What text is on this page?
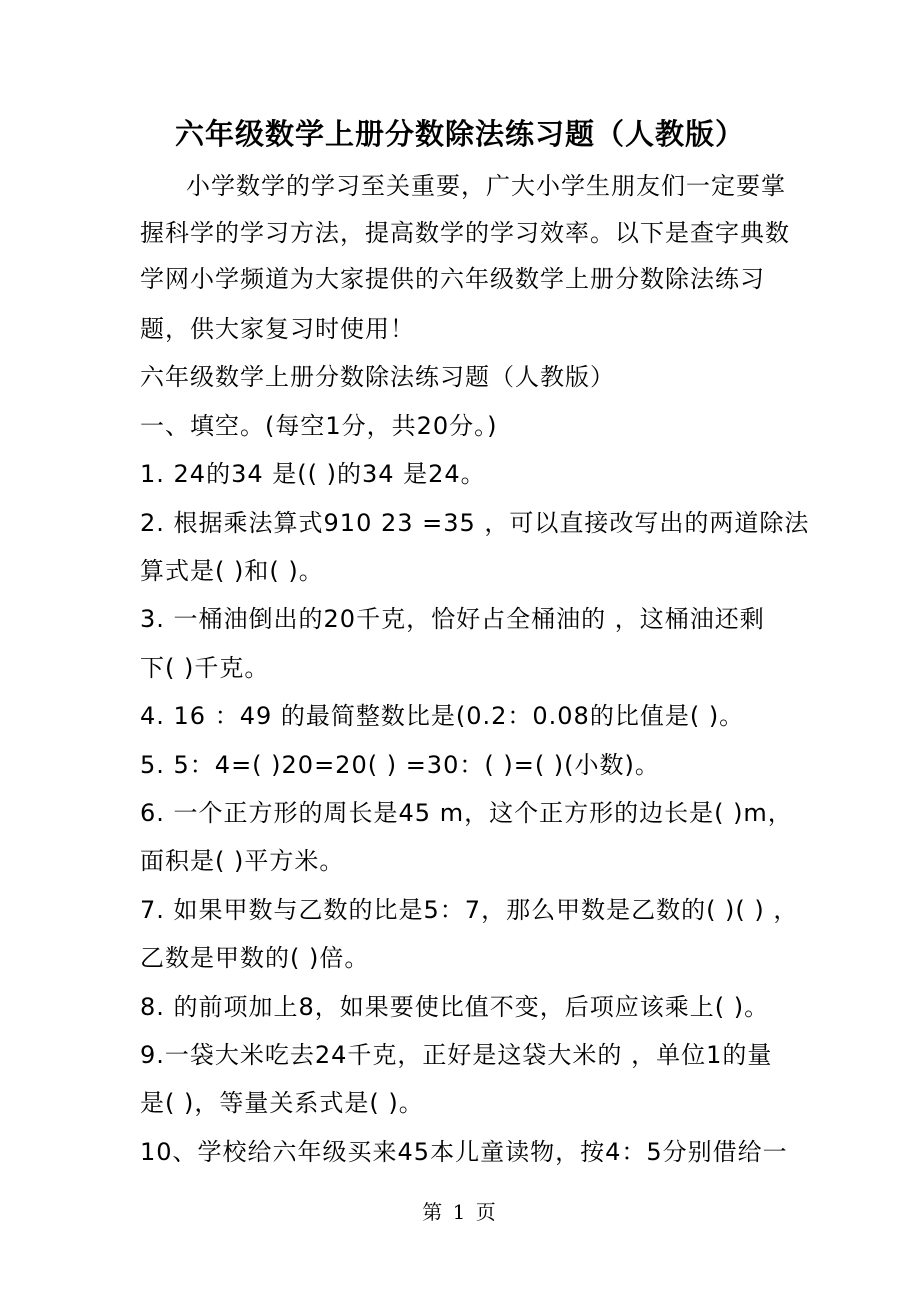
六年级数学上册分数除法练习题（人教版）
小学数学的学习至关重要，广大小学生朋友们一定要掌
握科学的学习方法，提高数学的学习效率。以下是查字典数
学网小学频道为大家提供的六年级数学上册分数除法练习
题，供大家复习时使用！
六年级数学上册分数除法练习题（人教版）
一、填空。(每空1分，共20分。)
1. 24的34 是(( )的34 是24。
2. 根据乘法算式910 23 =35 ，可以直接改写出的两道除法
算式是( )和( )。
3. 一桶油倒出的20千克，恰好占全桶油的 ，这桶油还剩
下( )千克。
4. 16 ：49 的最简整数比是(0.2：0.08的比值是( )。
5. 5：4=( )20=20( ) =30：( )=( )(小数)。
6. 一个正方形的周长是45 m，这个正方形的边长是( )m，
面积是( )平方米。
7. 如果甲数与乙数的比是5：7，那么甲数是乙数的( )( ) ，
乙数是甲数的( )倍。
8. 的前项加上8，如果要使比值不变，后项应该乘上( )。
9.一袋大米吃去24千克，正好是这袋大米的 ，单位1的量
是( )，等量关系式是( )。
10、学校给六年级买来45本儿童读物，按4：5分别借给一
第 1 页
